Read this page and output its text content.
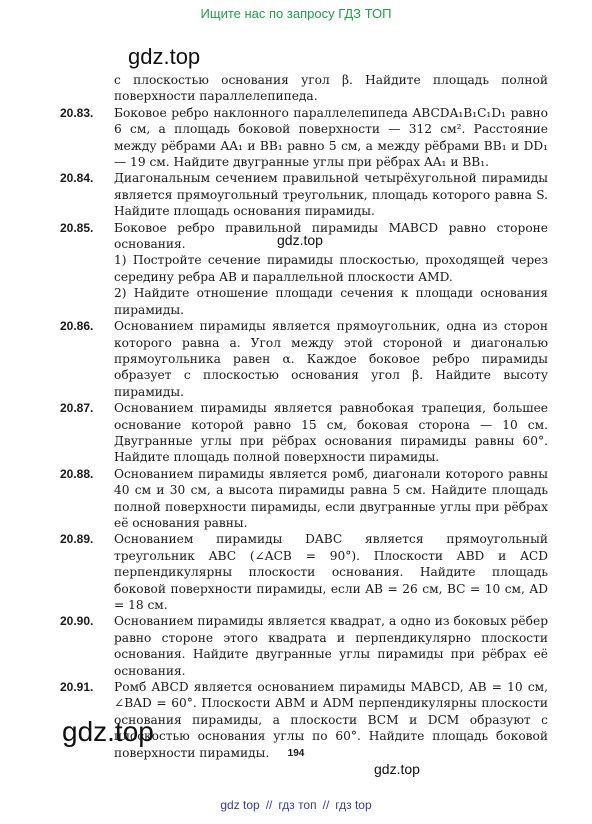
Ищите нас по запросу ГДЗ ТОП
gdz.top
с плоскостью основания угол β. Найдите площадь полной поверхности параллелепипеда.
20.83. Боковое ребро наклонного параллелепипеда ABCDA₁B₁C₁D₁ равно 6 см, а площадь боковой поверхности — 312 см². Расстояние между рёбрами AA₁ и BB₁ равно 5 см, а между рёбрами BB₁ и DD₁ — 19 см. Найдите двугранные углы при рёбрах AA₁ и BB₁.
20.84. Диагональным сечением правильной четырёхугольной пирамиды является прямоугольный треугольник, площадь которого равна S. Найдите площадь основания пирамиды.
20.85. Боковое ребро правильной пирамиды MABCD равно стороне основания.
1) Постройте сечение пирамиды плоскостью, проходящей через середину ребра AB и параллельной плоскости AMD.
2) Найдите отношение площади сечения к площади основания пирамиды.
20.86. Основанием пирамиды является прямоугольник, одна из сторон которого равна a. Угол между этой стороной и диагональю прямоугольника равен α. Каждое боковое ребро пирамиды образует с плоскостью основания угол β. Найдите высоту пирамиды.
20.87. Основанием пирамиды является равнобокая трапеция, большее основание которой равно 15 см, боковая сторона — 10 см. Двугранные углы при рёбрах основания пирамиды равны 60°. Найдите площадь полной поверхности пирамиды.
20.88. Основанием пирамиды является ромб, диагонали которого равны 40 см и 30 см, а высота пирамиды равна 5 см. Найдите площадь полной поверхности пирамиды, если двугранные углы при рёбрах её основания равны.
20.89. Основанием пирамиды DABC является прямоугольный треугольник ABC (∠ACB = 90°). Плоскости ABD и ACD перпендикулярны плоскости основания. Найдите площадь боковой поверхности пирамиды, если AB = 26 см, BC = 10 см, AD = 18 см.
20.90. Основанием пирамиды является квадрат, а одно из боковых рёбер равно стороне этого квадрата и перпендикулярно плоскости основания. Найдите двугранные углы пирамиды при рёбрах её основания.
20.91. Ромб ABCD является основанием пирамиды MABCD, AB = 10 см, ∠BAD = 60°. Плоскости ABM и ADM перпендикулярны плоскости основания пирамиды, а плоскости BCM и DCM образуют с плоскостью основания углы по 60°. Найдите площадь боковой поверхности пирамиды.
gdz.top
gdz.top
194
gdz.top
gdz top // гдз топ // гдз top
